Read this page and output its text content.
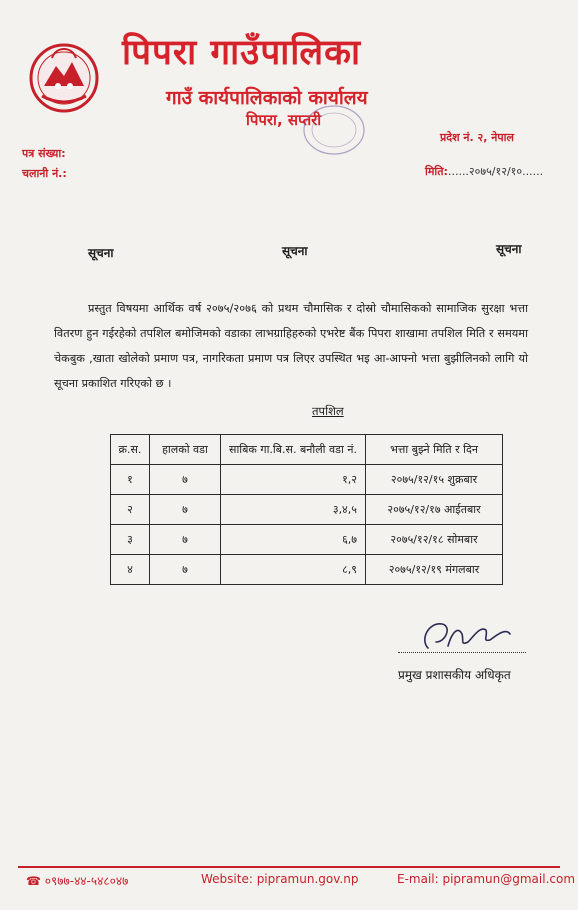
पिपरा गाउँपालिका
गाउँ कार्यपालिकाको कार्यालय
पिपरा, सप्तरी
प्रदेश नं. २, नेपाल
पत्र संख्या:
चलानी नं.:	मिति:......२०७५/१२/१०......
सूचना	सूचना	सूचना

प्रस्तुत विषयमा आर्थिक वर्ष २०७५/२०७६ को प्रथम चौमासिक र दोस्रो चौमासिकको सामाजिक सुरक्षा भत्ता वितरण हुन गईरहेको तपशिल बमोजिमको वडाका लाभग्राहिहरुको एभरेष्ट बैंक पिपरा शाखामा तपशिल मिति र समयमा चेकबुक ,खाता खोलेको प्रमाण पत्र, नागरिकता प्रमाण पत्र लिएर उपस्थित भइ आ-आफ्नो भत्ता बुझीलिनको लागि यो सूचना प्रकाशित गरिएको छ ।

तपशिल
क्र.स.	हालको वडा	साबिक गा.बि.स. बनौली वडा नं.	भत्ता बुझ्ने मिति र दिन
१	७	१,२	२०७५/१२/१५ शुक्रबार
२	७	३,४,५	२०७५/१२/१७ आईतबार
३	७	६,७	२०७५/१२/१८ सोमबार
४	७	८,९	२०७५/१२/१९ मंगलबार
प्रमुख प्रशासकीय अधिकृत
☎ ०९७७-४४-५४८०४७	Website: pipramun.gov.np	E-mail: pipramun@gmail.com
